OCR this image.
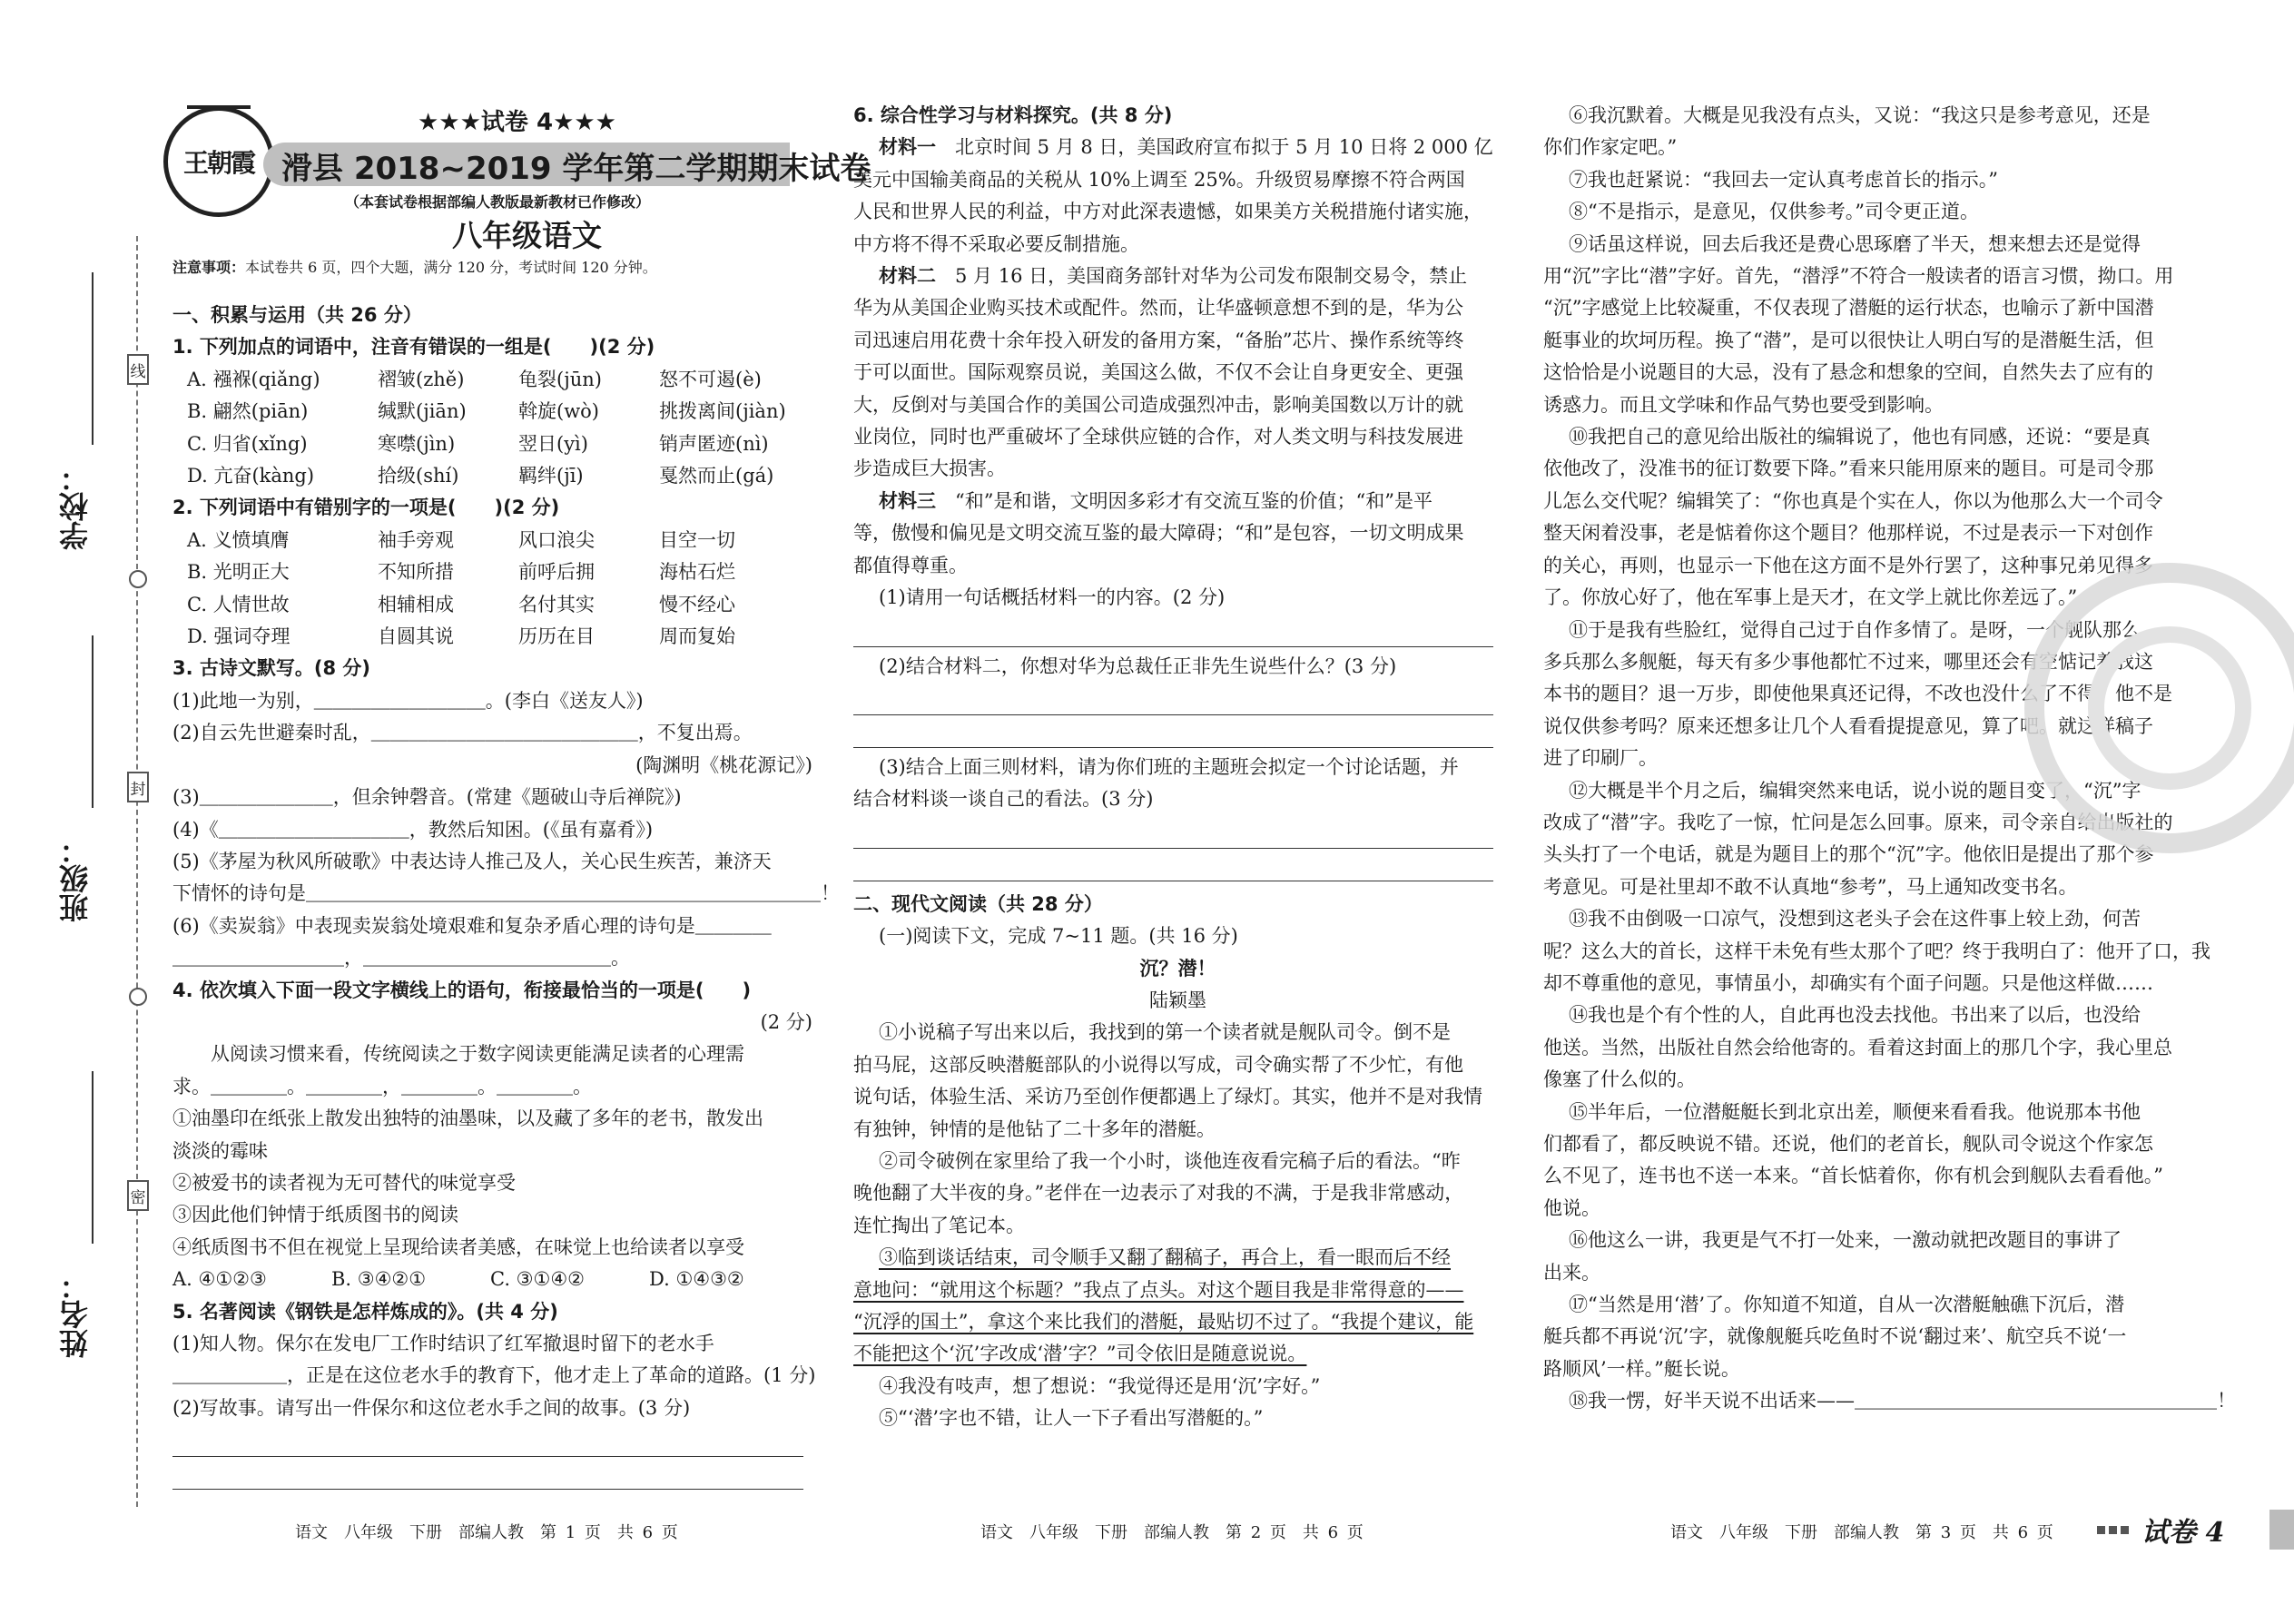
学校：
班级：
姓名：
线
封
密
王朝霞
★★★试卷 4★★★
滑县 2018~2019 学年第二学期期末试卷
（本套试卷根据部编人教版最新教材已作修改）
八年级语文
注意事项：本试卷共 6 页，四个大题，满分 120 分，考试时间 120 分钟。
一、积累与运用（共 26 分）
1. 下列加点的词语中，注音有错误的一组是(　　)(2 分)
A. 襁褓(qiǎng)	褶皱(zhě)	龟裂(jūn)	怒不可遏(è)
B. 翩然(piān)	缄默(jiān)	斡旋(wò)	挑拨离间(jiàn)
C. 归省(xǐng)	寒噤(jìn)	翌日(yì)	销声匿迹(nì)
D. 亢奋(kàng)	拾级(shí)	羁绊(jī)	戛然而止(gá)
2. 下列词语中有错别字的一项是(　　)(2 分)
A. 义愤填膺	袖手旁观	风口浪尖	目空一切
B. 光明正大	不知所措	前呼后拥	海枯石烂
C. 人情世故	相辅相成	名付其实	慢不经心
D. 强词夺理	自圆其说	历历在目	周而复始
3. 古诗文默写。(8 分)
(1)此地一为别，＿＿＿＿＿＿＿＿＿。(李白《送友人》)
(2)自云先世避秦时乱，＿＿＿＿＿＿＿＿＿＿＿＿＿＿，不复出焉。
(陶渊明《桃花源记》)
(3)＿＿＿＿＿＿＿，但余钟磬音。(常建《题破山寺后禅院》)
(4)《＿＿＿＿＿＿＿＿＿＿，教然后知困。(《虽有嘉肴》)
(5)《茅屋为秋风所破歌》中表达诗人推己及人，关心民生疾苦，兼济天
下情怀的诗句是＿＿＿＿＿＿＿＿＿＿＿＿＿＿＿＿＿＿＿＿＿＿＿＿＿＿＿！
(6)《卖炭翁》中表现卖炭翁处境艰难和复杂矛盾心理的诗句是＿＿＿＿
＿＿＿＿＿＿＿＿＿，＿＿＿＿＿＿＿＿＿＿＿＿＿。
4. 依次填入下面一段文字横线上的语句，衔接最恰当的一项是(　　)
(2 分)
从阅读习惯来看，传统阅读之于数字阅读更能满足读者的心理需
求。＿＿＿＿。＿＿＿＿，＿＿＿＿。＿＿＿＿。
①油墨印在纸张上散发出独特的油墨味，以及藏了多年的老书，散发出
淡淡的霉味
②被爱书的读者视为无可替代的味觉享受
③因此他们钟情于纸质图书的阅读
④纸质图书不但在视觉上呈现给读者美感，在味觉上也给读者以享受
A. ④①②③	B. ③④②①	C. ③①④②	D. ①④③②
5. 名著阅读《钢铁是怎样炼成的》。(共 4 分)
(1)知人物。保尔在发电厂工作时结识了红军撤退时留下的老水手
＿＿＿＿＿＿，正是在这位老水手的教育下，他才走上了革命的道路。(1 分)
(2)写故事。请写出一件保尔和这位老水手之间的故事。(3 分)
6. 综合性学习与材料探究。(共 8 分)
材料一　 北京时间 5 月 8 日，美国政府宣布拟于 5 月 10 日将 2 000 亿
美元中国输美商品的关税从 10%上调至 25%。升级贸易摩擦不符合两国
人民和世界人民的利益，中方对此深表遗憾，如果美方关税措施付诸实施，
中方将不得不采取必要反制措施。
材料二　 5 月 16 日，美国商务部针对华为公司发布限制交易令，禁止
华为从美国企业购买技术或配件。然而，让华盛顿意想不到的是，华为公
司迅速启用花费十余年投入研发的备用方案，“备胎”芯片、操作系统等终
于可以面世。国际观察员说，美国这么做，不仅不会让自身更安全、更强
大，反倒对与美国合作的美国公司造成强烈冲击，影响美国数以万计的就
业岗位，同时也严重破坏了全球供应链的合作，对人类文明与科技发展进
步造成巨大损害。
材料三　 “和”是和谐，文明因多彩才有交流互鉴的价值；“和”是平
等，傲慢和偏见是文明交流互鉴的最大障碍；“和”是包容，一切文明成果
都值得尊重。
(1)请用一句话概括材料一的内容。(2 分)
(2)结合材料二，你想对华为总裁任正非先生说些什么？(3 分)
(3)结合上面三则材料，请为你们班的主题班会拟定一个讨论话题，并
结合材料谈一谈自己的看法。(3 分)
二、现代文阅读（共 28 分）
(一)阅读下文，完成 7~11 题。(共 16 分)
沉？潜！
陆颖墨
①小说稿子写出来以后，我找到的第一个读者就是舰队司令。倒不是
拍马屁，这部反映潜艇部队的小说得以写成，司令确实帮了不少忙，有他
说句话，体验生活、采访乃至创作便都遇上了绿灯。其实，他并不是对我情
有独钟，钟情的是他钻了二十多年的潜艇。
②司令破例在家里给了我一个小时，谈他连夜看完稿子后的看法。“昨
晚他翻了大半夜的身。”老伴在一边表示了对我的不满，于是我非常感动，
连忙掏出了笔记本。
③临到谈话结束，司令顺手又翻了翻稿子，再合上，看一眼而后不经
意地问：“就用这个标题？”我点了点头。对这个题目我是非常得意的——
“沉浮的国土”，拿这个来比我们的潜艇，最贴切不过了。“我提个建议，能
不能把这个‘沉’字改成‘潜’字？”司令依旧是随意说说。
④我没有吱声，想了想说：“我觉得还是用‘沉’字好。”
⑤“‘潜’字也不错，让人一下子看出写潜艇的。”
⑥我沉默着。大概是见我没有点头，又说：“我这只是参考意见，还是
你们作家定吧。”
⑦我也赶紧说：“我回去一定认真考虑首长的指示。”
⑧“不是指示，是意见，仅供参考。”司令更正道。
⑨话虽这样说，回去后我还是费心思琢磨了半天，想来想去还是觉得
用“沉”字比“潜”字好。首先，“潜浮”不符合一般读者的语言习惯，拗口。用
“沉”字感觉上比较凝重，不仅表现了潜艇的运行状态，也喻示了新中国潜
艇事业的坎坷历程。换了“潜”，是可以很快让人明白写的是潜艇生活，但
这恰恰是小说题目的大忌，没有了悬念和想象的空间，自然失去了应有的
诱惑力。而且文学味和作品气势也要受到影响。
⑩我把自己的意见给出版社的编辑说了，他也有同感，还说：“要是真
依他改了，没准书的征订数要下降。”看来只能用原来的题目。可是司令那
儿怎么交代呢？编辑笑了：“你也真是个实在人，你以为他那么大一个司令
整天闲着没事，老是惦着你这个题目？他那样说，不过是表示一下对创作
的关心，再则，也显示一下他在这方面不是外行罢了，这种事兄弟见得多
了。你放心好了，他在军事上是天才，在文学上就比你差远了。”
⑪于是我有些脸红，觉得自己过于自作多情了。是呀，一个舰队那么
多兵那么多舰艇，每天有多少事他都忙不过来，哪里还会有空惦记着我这
本书的题目？退一万步，即使他果真还记得，不改也没什么了不得，他不是
说仅供参考吗？原来还想多让几个人看看提提意见，算了吧。就这样稿子
进了印刷厂。
⑫大概是半个月之后，编辑突然来电话，说小说的题目变了，“沉”字
改成了“潜”字。我吃了一惊，忙问是怎么回事。原来，司令亲自给出版社的
头头打了一个电话，就是为题目上的那个“沉”字。他依旧是提出了那个参
考意见。可是社里却不敢不认真地“参考”，马上通知改变书名。
⑬我不由倒吸一口凉气，没想到这老头子会在这件事上较上劲，何苦
呢？这么大的首长，这样干未免有些太那个了吧？终于我明白了：他开了口，我
却不尊重他的意见，事情虽小，却确实有个面子问题。只是他这样做……
⑭我也是个有个性的人，自此再也没去找他。书出来了以后，也没给
他送。当然，出版社自然会给他寄的。看着这封面上的那几个字，我心里总
像塞了什么似的。
⑮半年后，一位潜艇艇长到北京出差，顺便来看看我。他说那本书他
们都看了，都反映说不错。还说，他们的老首长，舰队司令说这个作家怎
么不见了，连书也不送一本来。“首长惦着你，你有机会到舰队去看看他。”
他说。
⑯他这么一讲，我更是气不打一处来，一激动就把改题目的事讲了
出来。
⑰“当然是用‘潜’了。你知道不知道，自从一次潜艇触礁下沉后，潜
艇兵都不再说‘沉’字，就像舰艇兵吃鱼时不说‘翻过来’、航空兵不说‘一
路顺风’一样。”艇长说。
⑱我一愣，好半天说不出话来——＿＿＿＿＿＿＿＿＿＿＿＿＿＿＿＿＿＿＿！
语文　八年级　下册　部编人教　第 1 页　共 6 页	语文　八年级　下册　部编人教　第 2 页　共 6 页	语文　八年级　下册　部编人教　第 3 页　共 6 页	试卷 4
